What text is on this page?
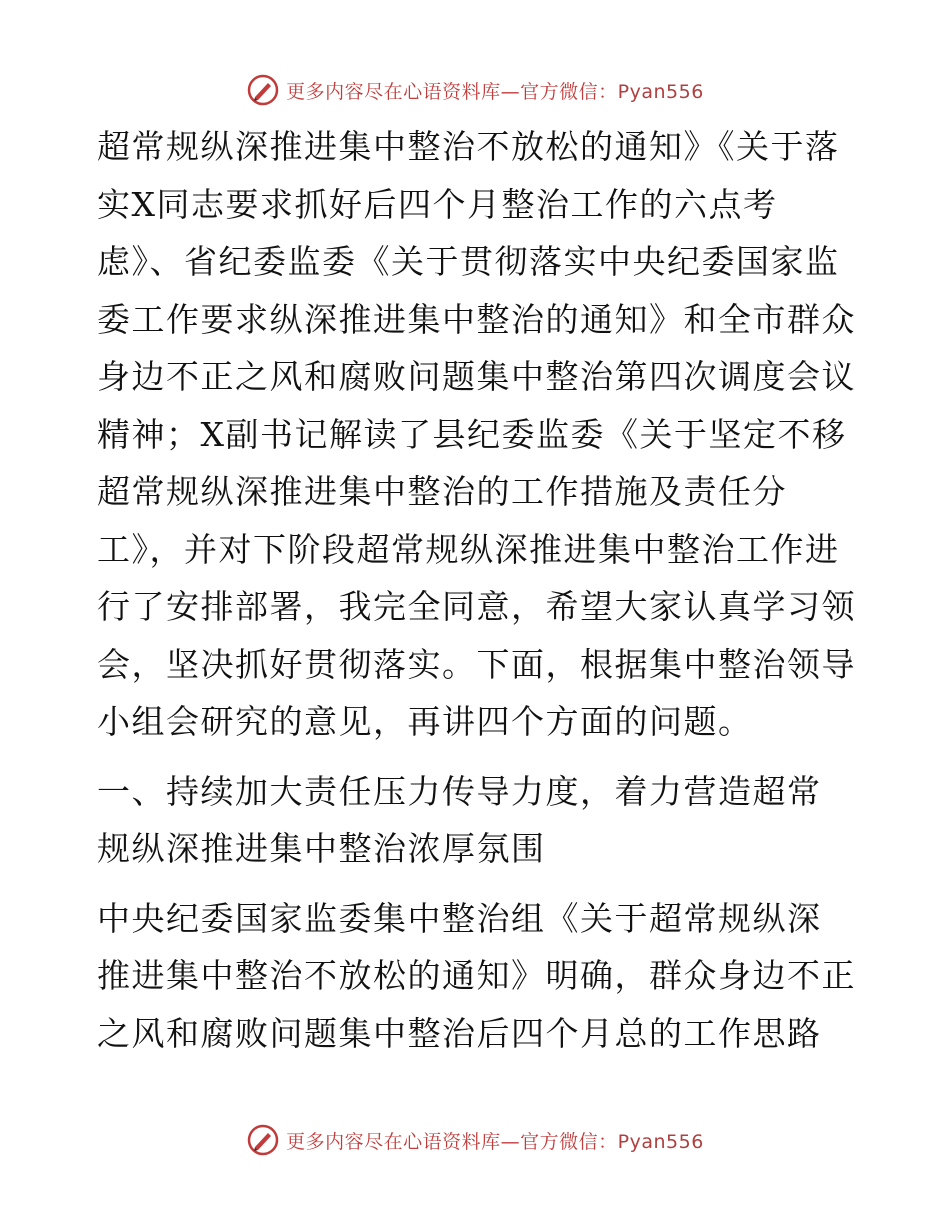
更多内容尽在心语资料库—官方微信：Pyan556
超常规纵深推进集中整治不放松的通知》《关于落
实X同志要求抓好后四个月整治工作的六点考
虑》、省纪委监委《关于贯彻落实中央纪委国家监
委工作要求纵深推进集中整治的通知》和全市群众
身边不正之风和腐败问题集中整治第四次调度会议
精神；X副书记解读了县纪委监委《关于坚定不移
超常规纵深推进集中整治的工作措施及责任分
工》，并对下阶段超常规纵深推进集中整治工作进
行了安排部署，我完全同意，希望大家认真学习领
会，坚决抓好贯彻落实。下面，根据集中整治领导
小组会研究的意见，再讲四个方面的问题。
一、持续加大责任压力传导力度，着力营造超常
规纵深推进集中整治浓厚氛围
中央纪委国家监委集中整治组《关于超常规纵深
推进集中整治不放松的通知》明确，群众身边不正
之风和腐败问题集中整治后四个月总的工作思路
更多内容尽在心语资料库—官方微信：Pyan556
